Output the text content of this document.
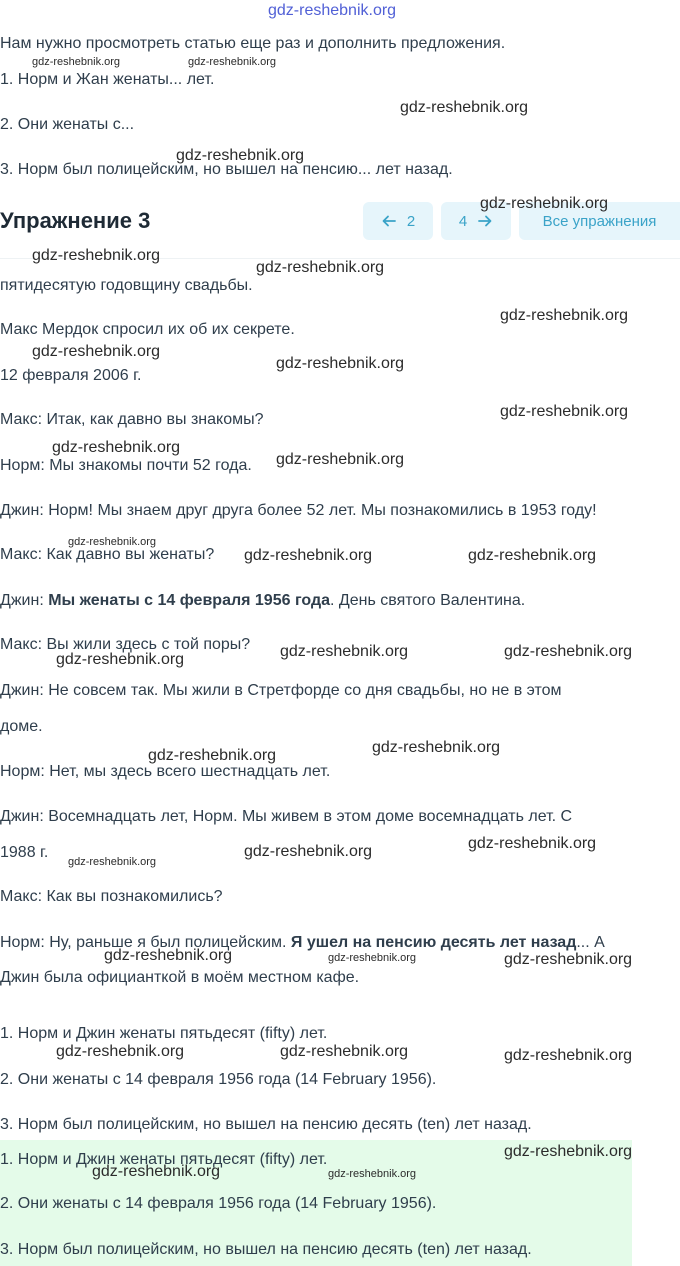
gdz-reshebnik.org
Нам нужно просмотреть статью еще раз и дополнить предложения.
1. Норм и Жан женаты... лет.
2. Они женаты с...
3. Норм был полицейским, но вышел на пенсию... лет назад.
Упражнение 3	2	4	Все упражнения
пятидесятую годовщину свадьбы.
Макс Мердок спросил их об их секрете.
12 февраля 2006 г.
Макс: Итак, как давно вы знакомы?
Норм: Мы знакомы почти 52 года.
Джин: Норм! Мы знаем друг друга более 52 лет. Мы познакомились в 1953 году!
Макс: Как давно вы женаты?
Джин: Мы женаты с 14 февраля 1956 года. День святого Валентина.
Макс: Вы жили здесь с той поры?
Джин: Не совсем так. Мы жили в Стретфорде со дня свадьбы, но не в этом
доме.
Норм: Нет, мы здесь всего шестнадцать лет.
Джин: Восемнадцать лет, Норм. Мы живем в этом доме восемнадцать лет. С
1988 г.
Макс: Как вы познакомились?
Норм: Ну, раньше я был полицейским. Я ушел на пенсию десять лет назад... А
Джин была официанткой в моём местном кафе.
1. Норм и Джин женаты пятьдесят (fifty) лет.
2. Они женаты с 14 февраля 1956 года (14 February 1956).
3. Норм был полицейским, но вышел на пенсию десять (ten) лет назад.
1. Норм и Джин женаты пятьдесят (fifty) лет.
2. Они женаты с 14 февраля 1956 года (14 February 1956).
3. Норм был полицейским, но вышел на пенсию десять (ten) лет назад.
gdz-reshebnik.org	gdz-reshebnik.org
gdz-reshebnik.org
gdz-reshebnik.org
gdz-reshebnik.org
gdz-reshebnik.org
gdz-reshebnik.org
gdz-reshebnik.org
gdz-reshebnik.org
gdz-reshebnik.org
gdz-reshebnik.org
gdz-reshebnik.org
gdz-reshebnik.org
gdz-reshebnik.org
gdz-reshebnik.org	gdz-reshebnik.org
gdz-reshebnik.org	gdz-reshebnik.org
gdz-reshebnik.org
gdz-reshebnik.org
gdz-reshebnik.org
gdz-reshebnik.org
gdz-reshebnik.org
gdz-reshebnik.org
gdz-reshebnik.org	gdz-reshebnik.org	gdz-reshebnik.org
gdz-reshebnik.org	gdz-reshebnik.org	gdz-reshebnik.org
gdz-reshebnik.org
gdz-reshebnik.org	gdz-reshebnik.org
